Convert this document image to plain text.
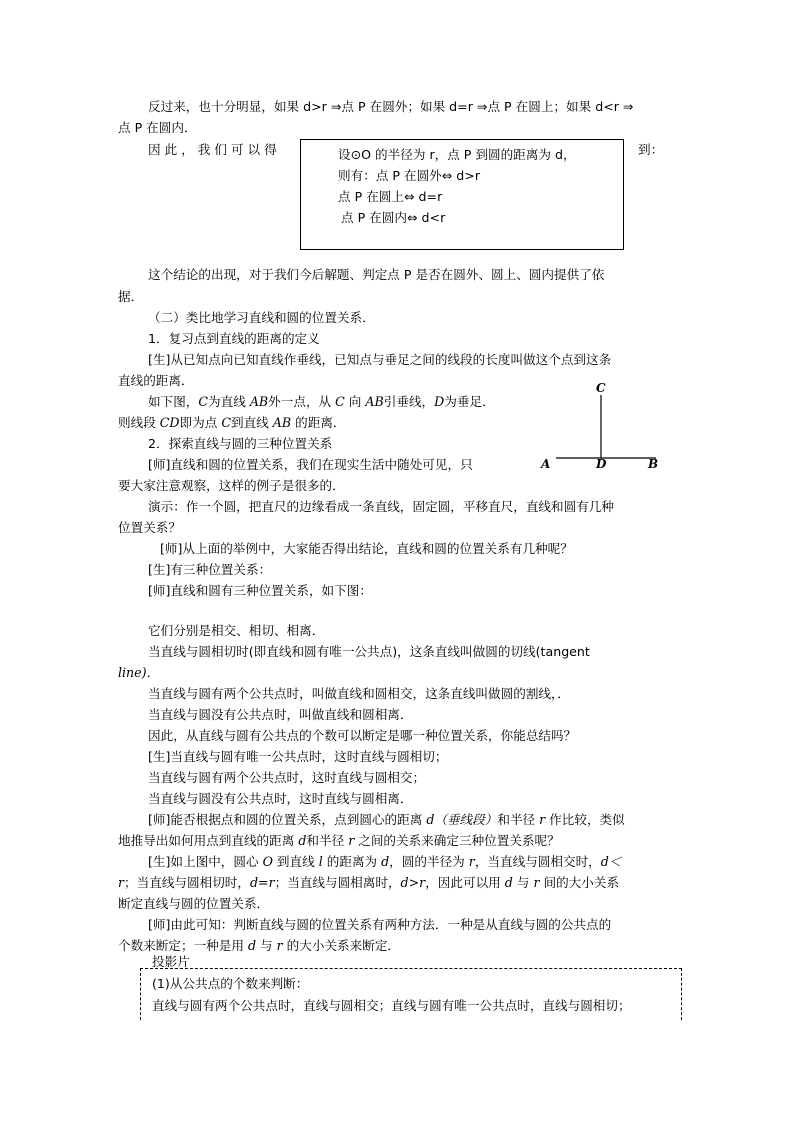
反过来，也十分明显，如果 d>r ⇒点 P 在圆外；如果 d=r ⇒点 P 在圆上；如果 d<r ⇒
点 P 在圆内．
因此，我们可以得	到：
设⊙O 的半径为 r，点 P 到圆的距离为 d，
则有：点 P 在圆外⇔ d>r
点 P 在圆上⇔ d=r
点 P 在圆内⇔ d<r
这个结论的出现，对于我们今后解题、判定点 P 是否在圆外、圆上、圆内提供了依
据．
（二）类比地学习直线和圆的位置关系．
1．复习点到直线的距离的定义
[生]从已知点向已知直线作垂线，已知点与垂足之间的线段的长度叫做这个点到这条
直线的距离．
如下图，C为直线 AB外一点，从 C 向 AB引垂线，D为垂足．
则线段 CD即为点 C到直线 AB 的距离．
2．探索直线与圆的三种位置关系
[师]直线和圆的位置关系，我们在现实生活中随处可见，只
要大家注意观察，这样的例子是很多的．
演示：作一个圆，把直尺的边缘看成一条直线，固定圆，平移直尺，直线和圆有几种
位置关系？
[师]从上面的举例中，大家能否得出结论，直线和圆的位置关系有几种呢？
[生]有三种位置关系：
[师]直线和圆有三种位置关系，如下图：
它们分别是相交、相切、相离．
当直线与圆相切时(即直线和圆有唯一公共点)，这条直线叫做圆的切线(tangent
line)．
当直线与圆有两个公共点时，叫做直线和圆相交，这条直线叫做圆的割线，．
当直线与圆没有公共点时，叫做直线和圆相离．
因此，从直线与圆有公共点的个数可以断定是哪一种位置关系，你能总结吗？
[生]当直线与圆有唯一公共点时，这时直线与圆相切；
当直线与圆有两个公共点时，这时直线与圆相交；
当直线与圆没有公共点时，这时直线与圆相离．
[师]能否根据点和圆的位置关系，点到圆心的距离 d（垂线段）和半径 r 作比较，类似
地推导出如何用点到直线的距离 d和半径 r 之间的关系来确定三种位置关系呢？
[生]如上图中，圆心 O 到直线 l 的距离为 d，圆的半径为 r，当直线与圆相交时，d＜
r；当直线与圆相切时，d=r；当直线与圆相离时，d>r，因此可以用 d 与 r 间的大小关系
断定直线与圆的位置关系．
[师]由此可知：判断直线与圆的位置关系有两种方法．一种是从直线与圆的公共点的
个数来断定；一种是用 d 与 r 的大小关系来断定．
投影片
(1)从公共点的个数来判断：
直线与圆有两个公共点时，直线与圆相交；直线与圆有唯一公共点时，直线与圆相切；
C
A	D	B
